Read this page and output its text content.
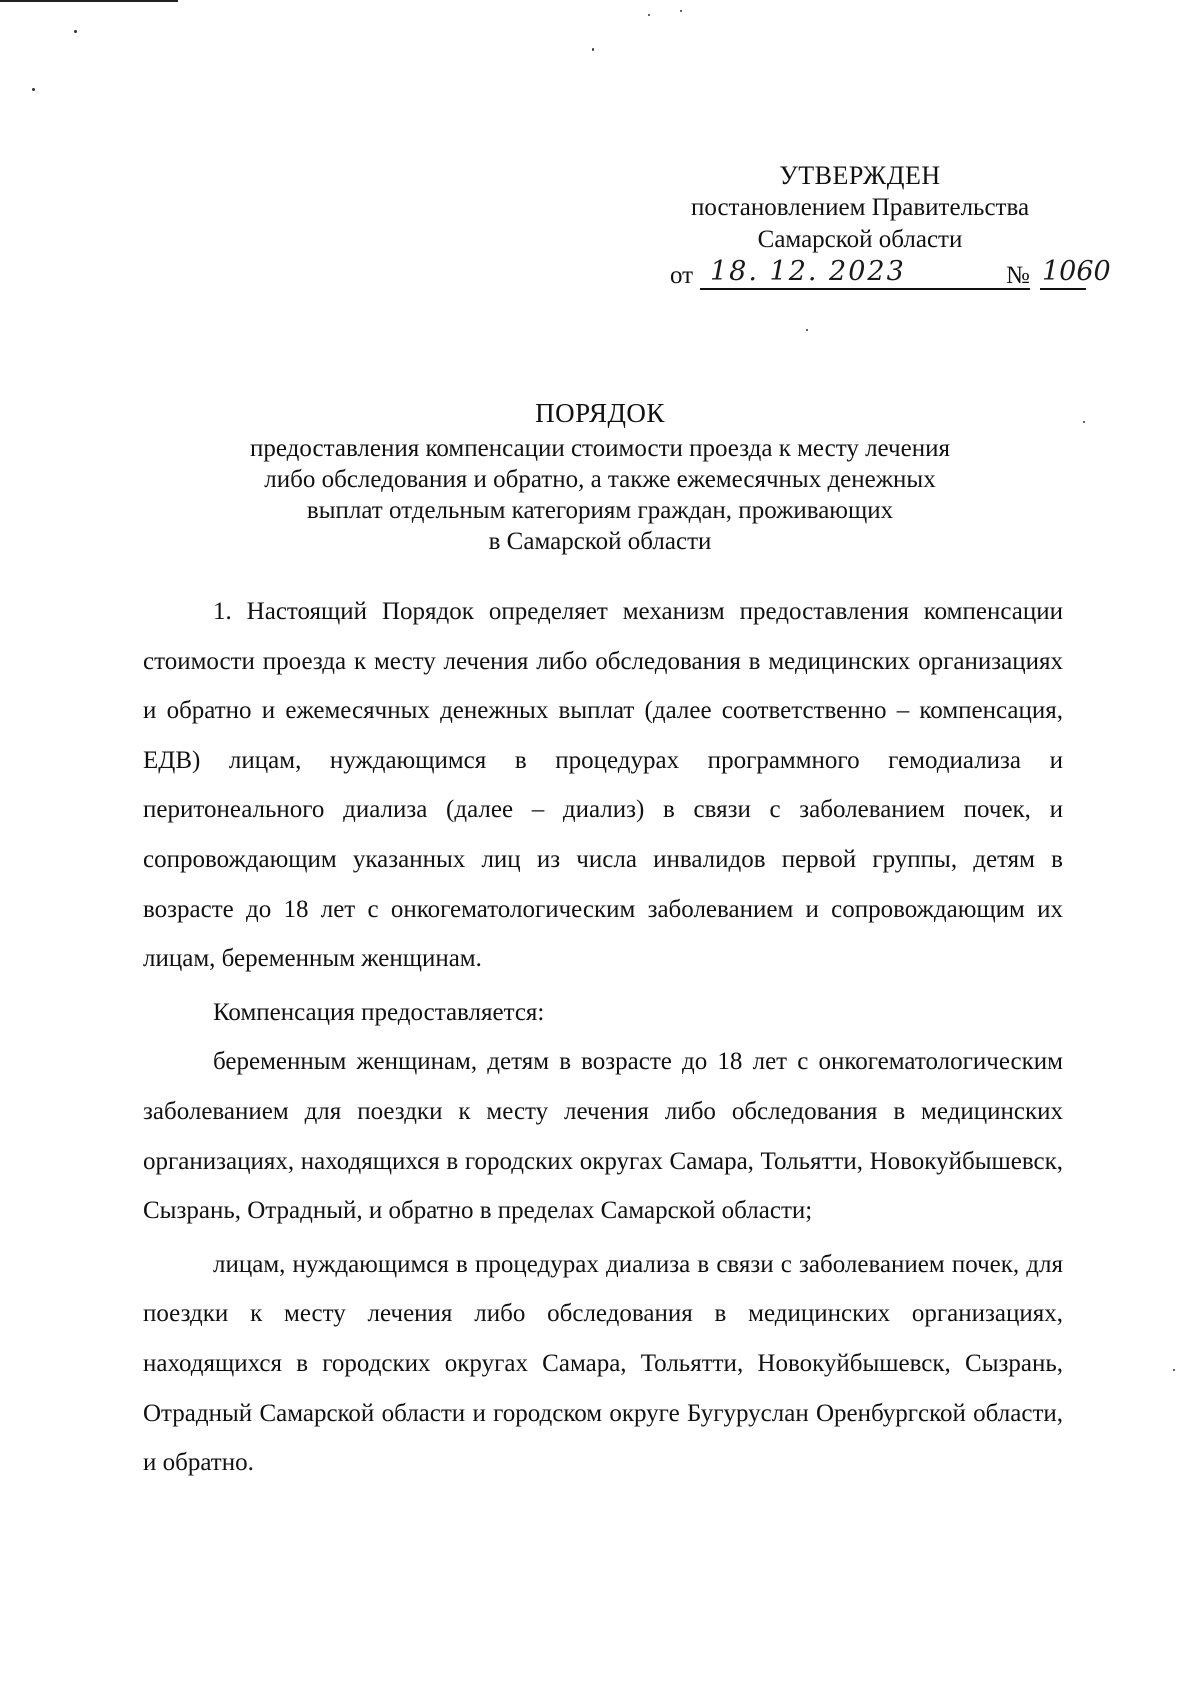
УТВЕРЖДЕН
постановлением Правительства
Самарской области
от 18. 12. 2023	№ 1060
ПОРЯДОК
предоставления компенсации стоимости проезда к месту лечения
либо обследования и обратно, а также ежемесячных денежных
выплат отдельным категориям граждан, проживающих
в Самарской области

1. Настоящий Порядок определяет механизм предоставления компенсации стоимости проезда к месту лечения либо обследования в медицинских организациях и обратно и ежемесячных денежных выплат (далее соответственно – компенсация, ЕДВ) лицам, нуждающимся в процедурах программного гемодиализа и перитонеального диализа (далее – диализ) в связи с заболеванием почек, и сопровождающим указанных лиц из числа инвалидов первой группы, детям в возрасте до 18 лет с онкогематологическим заболеванием и сопровождающим их лицам, беременным женщинам.

Компенсация предоставляется:

беременным женщинам, детям в возрасте до 18 лет с онкогематологическим заболеванием для поездки к месту лечения либо обследования в медицинских организациях, находящихся в городских округах Самара, Тольятти, Новокуйбышевск, Сызрань, Отрадный, и обратно в пределах Самарской области;

лицам, нуждающимся в процедурах диализа в связи с заболеванием почек, для поездки к месту лечения либо обследования в медицинских организациях, находящихся в городских округах Самара, Тольятти, Новокуйбышевск, Сызрань, Отрадный Самарской области и городском округе Бугуруслан Оренбургской области, и обратно.
